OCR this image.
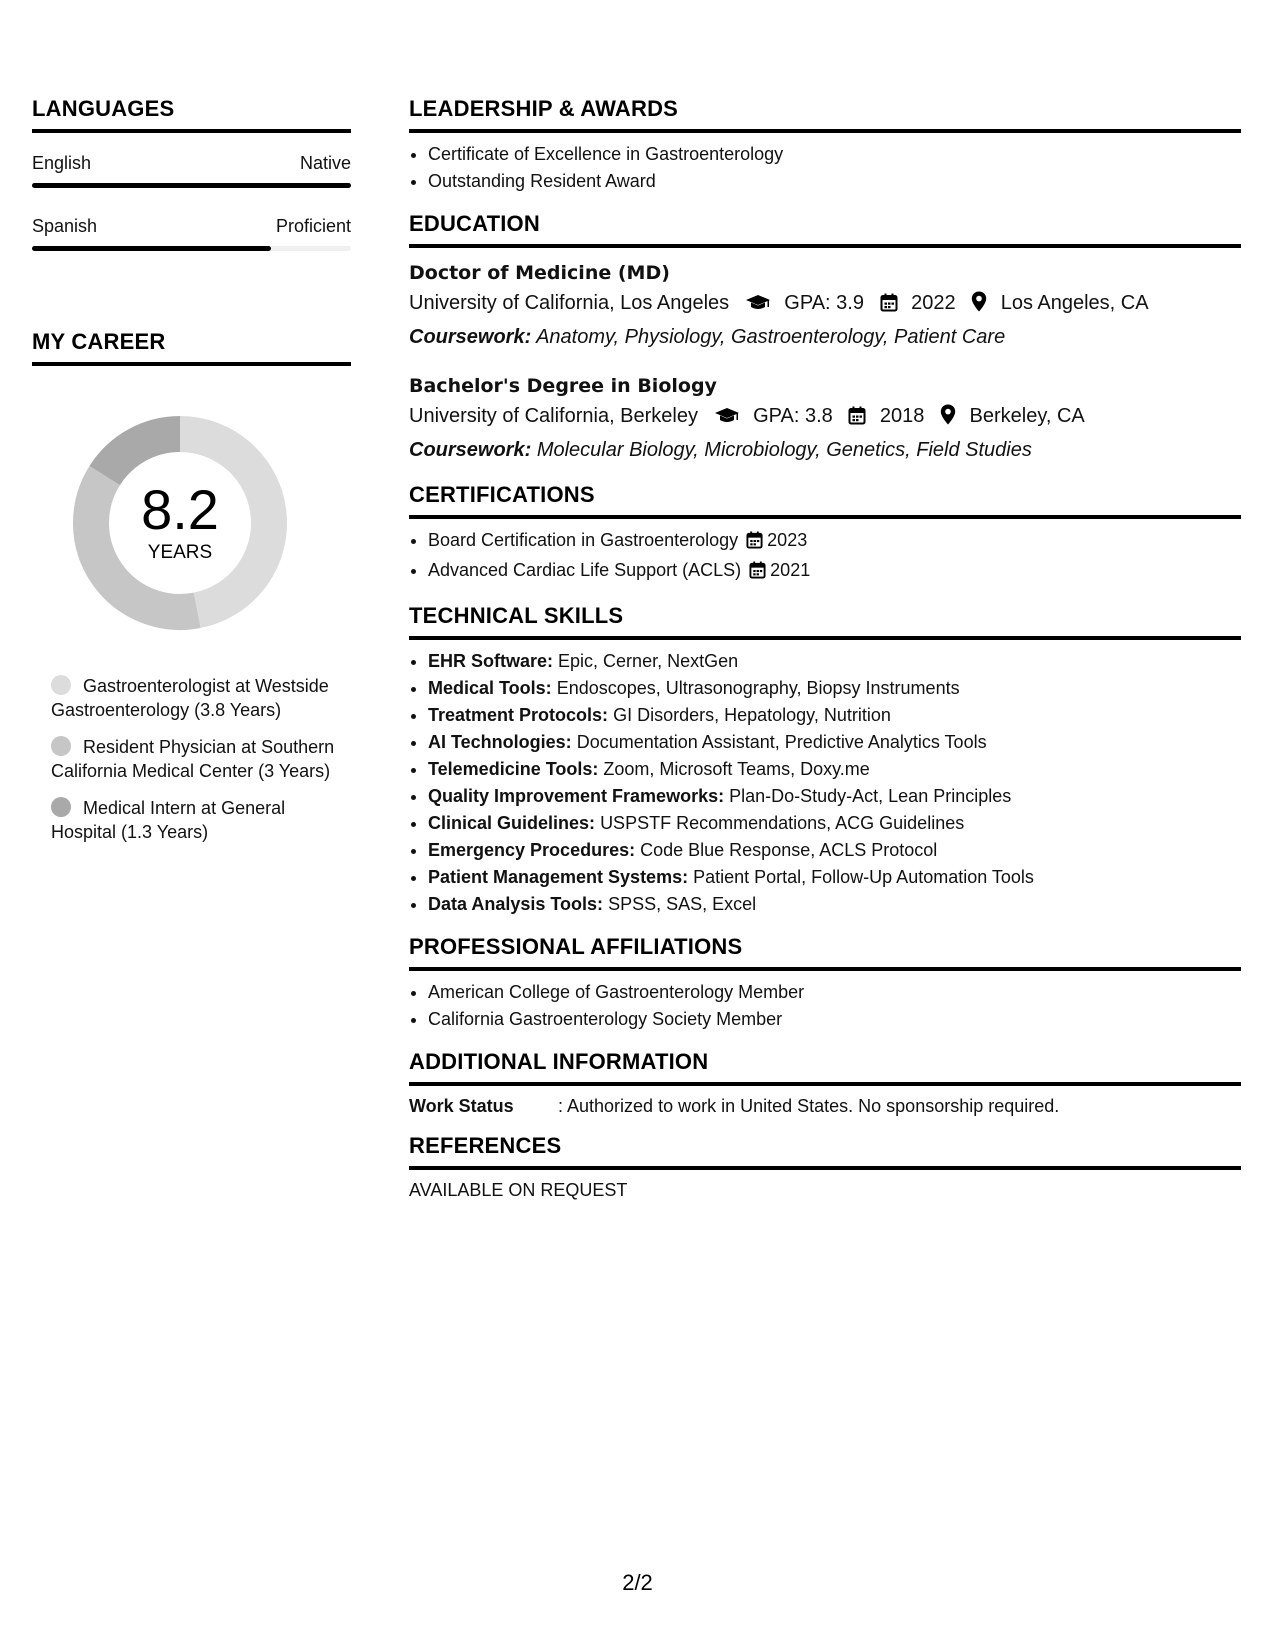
LANGUAGES
English	Native
Spanish	Proficient
MY CAREER
8.2
YEARS
Gastroenterologist at Westside Gastroenterology (3.8 Years)
Resident Physician at Southern California Medical Center (3 Years)
Medical Intern at General Hospital (1.3 Years)
LEADERSHIP & AWARDS
• Certificate of Excellence in Gastroenterology
• Outstanding Resident Award
EDUCATION
Doctor of Medicine (MD)
University of California, Los Angeles	GPA: 3.9 2022 Los Angeles, CA
Coursework: Anatomy, Physiology, Gastroenterology, Patient Care
Bachelor's Degree in Biology
University of California, Berkeley	GPA: 3.8 2018 Berkeley, CA
Coursework: Molecular Biology, Microbiology, Genetics, Field Studies
CERTIFICATIONS
• Board Certification in Gastroenterology 2023
• Advanced Cardiac Life Support (ACLS) 2021
TECHNICAL SKILLS
• EHR Software: Epic, Cerner, NextGen
• Medical Tools: Endoscopes, Ultrasonography, Biopsy Instruments
• Treatment Protocols: GI Disorders, Hepatology, Nutrition
• AI Technologies: Documentation Assistant, Predictive Analytics Tools
• Telemedicine Tools: Zoom, Microsoft Teams, Doxy.me
• Quality Improvement Frameworks: Plan-Do-Study-Act, Lean Principles
• Clinical Guidelines: USPSTF Recommendations, ACG Guidelines
• Emergency Procedures: Code Blue Response, ACLS Protocol
• Patient Management Systems: Patient Portal, Follow-Up Automation Tools
• Data Analysis Tools: SPSS, SAS, Excel
PROFESSIONAL AFFILIATIONS
• American College of Gastroenterology Member
• California Gastroenterology Society Member
ADDITIONAL INFORMATION
Work Status	: Authorized to work in United States. No sponsorship required.
REFERENCES
AVAILABLE ON REQUEST
2/2
